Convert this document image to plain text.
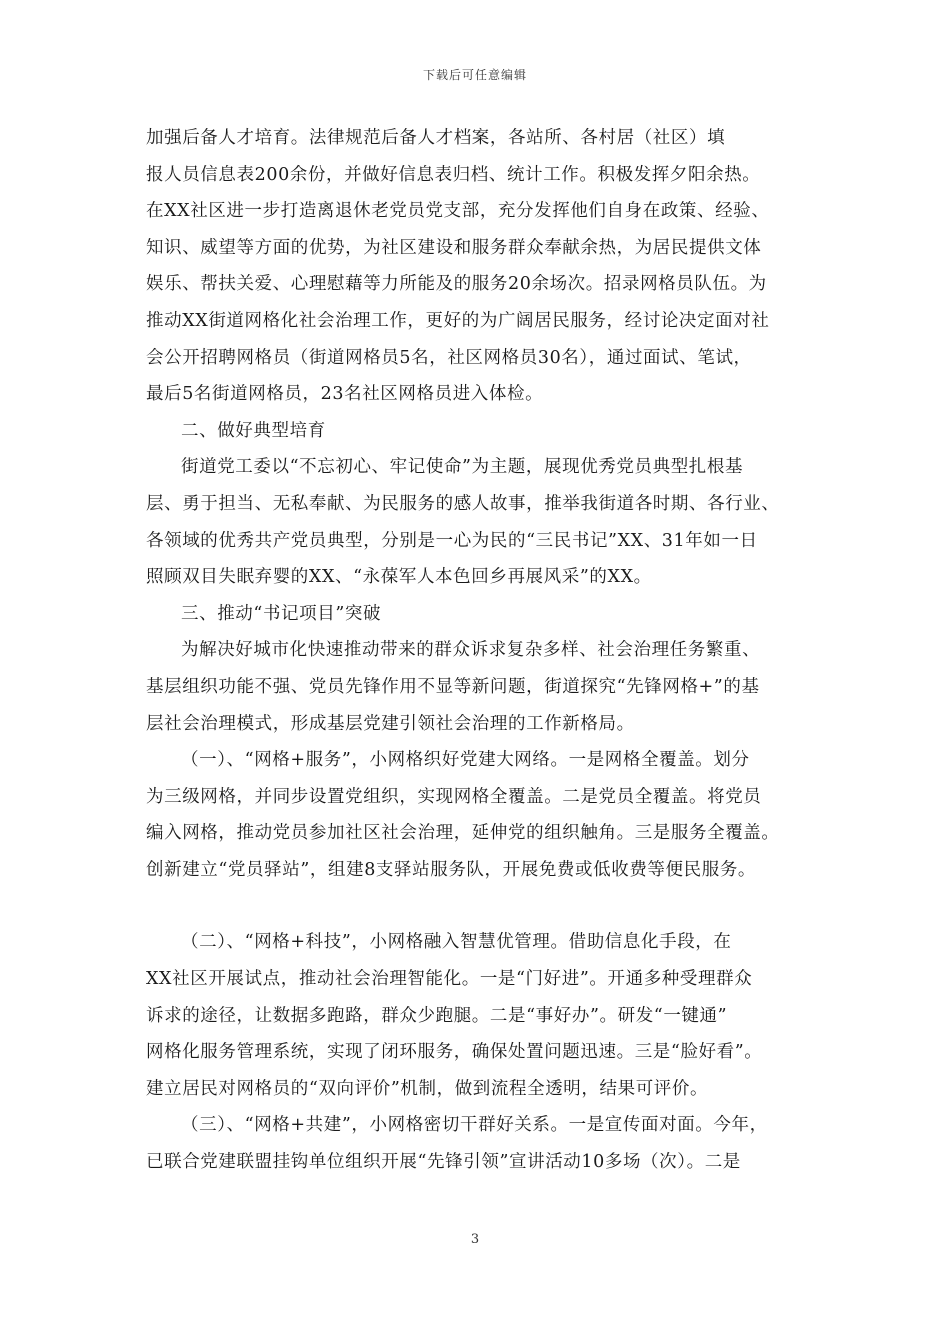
下载后可任意编辑
加强后备人才培育。法律规范后备人才档案，各站所、各村居（社区）填
报人员信息表200余份，并做好信息表归档、统计工作。积极发挥夕阳余热。
在XX社区进一步打造离退休老党员党支部，充分发挥他们自身在政策、经验、
知识、威望等方面的优势，为社区建设和服务群众奉献余热，为居民提供文体
娱乐、帮扶关爱、心理慰藉等力所能及的服务20余场次。招录网格员队伍。为
推动XX街道网格化社会治理工作，更好的为广阔居民服务，经讨论决定面对社
会公开招聘网格员（街道网格员5名，社区网格员30名），通过面试、笔试，
最后5名街道网格员，23名社区网格员进入体检。
二、做好典型培育
街道党工委以“不忘初心、牢记使命”为主题，展现优秀党员典型扎根基
层、勇于担当、无私奉献、为民服务的感人故事，推举我街道各时期、各行业、
各领域的优秀共产党员典型，分别是一心为民的“三民书记”XX、31年如一日
照顾双目失眠弃婴的XX、“永葆军人本色回乡再展风采”的XX。
三、推动“书记项目”突破
为解决好城市化快速推动带来的群众诉求复杂多样、社会治理任务繁重、
基层组织功能不强、党员先锋作用不显等新问题，街道探究“先锋网格+”的基
层社会治理模式，形成基层党建引领社会治理的工作新格局。
（一）、“网格+服务”，小网格织好党建大网络。一是网格全覆盖。划分
为三级网格，并同步设置党组织，实现网格全覆盖。二是党员全覆盖。将党员
编入网格，推动党员参加社区社会治理，延伸党的组织触角。三是服务全覆盖。
创新建立“党员驿站”，组建8支驿站服务队，开展免费或低收费等便民服务。
（二）、“网格+科技”，小网格融入智慧优管理。借助信息化手段，在
XX社区开展试点，推动社会治理智能化。一是“门好进”。开通多种受理群众
诉求的途径，让数据多跑路，群众少跑腿。二是“事好办”。研发“一键通”
网格化服务管理系统，实现了闭环服务，确保处置问题迅速。三是“脸好看”。
建立居民对网格员的“双向评价”机制，做到流程全透明，结果可评价。
（三）、“网格+共建”，小网格密切干群好关系。一是宣传面对面。今年，
已联合党建联盟挂钩单位组织开展“先锋引领”宣讲活动10多场（次）。二是
3
